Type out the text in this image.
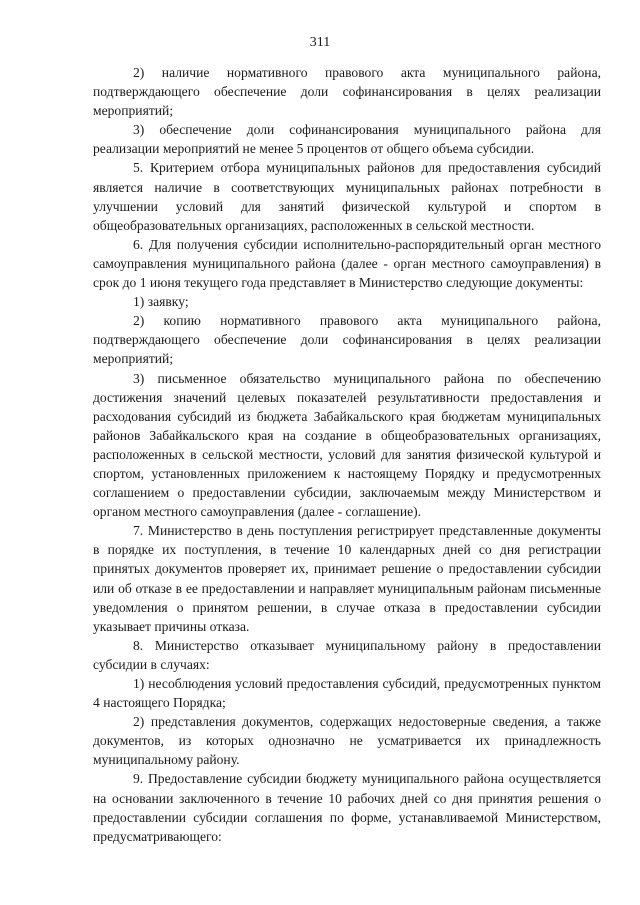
311

2) наличие нормативного правового акта муниципального района, подтверждающего обеспечение доли софинансирования в целях реализации мероприятий;

3) обеспечение доли софинансирования муниципального района для реализации мероприятий не менее 5 процентов от общего объема субсидии.

5. Критерием отбора муниципальных районов для предоставления субсидий является наличие в соответствующих муниципальных районах потребности в улучшении условий для занятий физической культурой и спортом в общеобразовательных организациях, расположенных в сельской местности.

6. Для получения субсидии исполнительно-распорядительный орган местного самоуправления муниципального района (далее - орган местного самоуправления) в срок до 1 июня текущего года представляет в Министерство следующие документы:

1) заявку;

2) копию нормативного правового акта муниципального района, подтверждающего обеспечение доли софинансирования в целях реализации мероприятий;

3) письменное обязательство муниципального района по обеспечению достижения значений целевых показателей результативности предоставления и расходования субсидий из бюджета Забайкальского края бюджетам муниципальных районов Забайкальского края на создание в общеобразовательных организациях, расположенных в сельской местности, условий для занятия физической культурой и спортом, установленных приложением к настоящему Порядку и предусмотренных соглашением о предоставлении субсидии, заключаемым между Министерством и органом местного самоуправления (далее - соглашение).

7. Министерство в день поступления регистрирует представленные документы в порядке их поступления, в течение 10 календарных дней со дня регистрации принятых документов проверяет их, принимает решение о предоставлении субсидии или об отказе в ее предоставлении и направляет муниципальным районам письменные уведомления о принятом решении, в случае отказа в предоставлении субсидии указывает причины отказа.

8. Министерство отказывает муниципальному району в предоставлении субсидии в случаях:

1) несоблюдения условий предоставления субсидий, предусмотренных пунктом 4 настоящего Порядка;

2) представления документов, содержащих недостоверные сведения, а также документов, из которых однозначно не усматривается их принадлежность муниципальному району.

9. Предоставление субсидии бюджету муниципального района осуществляется на основании заключенного в течение 10 рабочих дней со дня принятия решения о предоставлении субсидии соглашения по форме, устанавливаемой Министерством, предусматривающего:
